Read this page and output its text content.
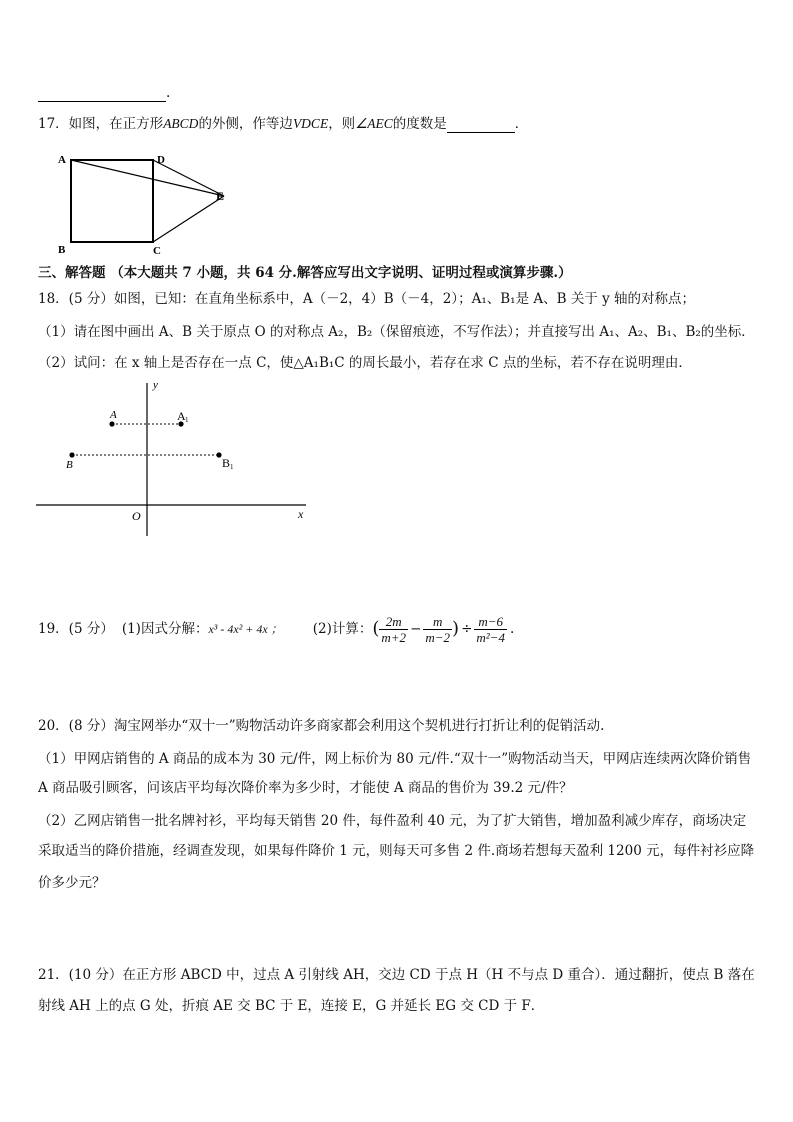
.
17．如图，在正方形ABCD的外侧，作等边VDCE，则∠AEC的度数是	．
A	D
B	C
E
三、解答题 （本大题共 7 小题，共 64 分.解答应写出文字说明、证明过程或演算步骤.）
18．(5 分）如图，已知：在直角坐标系中，A（－2，4）B（－4，2）；A₁、B₁是 A、B 关于 y 轴的对称点；
（1）请在图中画出 A、B 关于原点 O 的对称点 A₂，B₂（保留痕迹，不写作法）；并直接写出 A₁、A₂、B₁、B₂的坐标．
（2）试问：在 x 轴上是否存在一点 C，使△A₁B₁C 的周长最小，若存在求 C 点的坐标，若不存在说明理由．
y
x
O
A	A 1
B	B 1
19．(5 分） (1)因式分解： x³ - 4x² + 4x ； (2)计算： ( $\frac{2m}{m+2} - \frac{m}{m-2}$ ) ÷ $\frac{m-6}{\text{m²−4}}$ .
20．(8 分）淘宝网举办“双十一”购物活动许多商家都会利用这个契机进行打折让利的促销活动.
（1）甲网店销售的 A 商品的成本为 30 元/件，网上标价为 80 元/件.“双十一”购物活动当天，甲网店连续两次降价销售
A 商品吸引顾客，问该店平均每次降价率为多少时，才能使 A 商品的售价为 39.2 元/件？
（2）乙网店销售一批名牌衬衫，平均每天销售 20 件，每件盈利 40 元，为了扩大销售，增加盈利减少库存，商场决定
采取适当的降价措施，经调查发现，如果每件降价 1 元，则每天可多售 2 件.商场若想每天盈利 1200 元，每件衬衫应降
价多少元？
21．(10 分）在正方形 ABCD 中，过点 A 引射线 AH，交边 CD 于点 H（H 不与点 D 重合）．通过翻折，使点 B 落在
射线 AH 上的点 G 处，折痕 AE 交 BC 于 E，连接 E，G 并延长 EG 交 CD 于 F．
